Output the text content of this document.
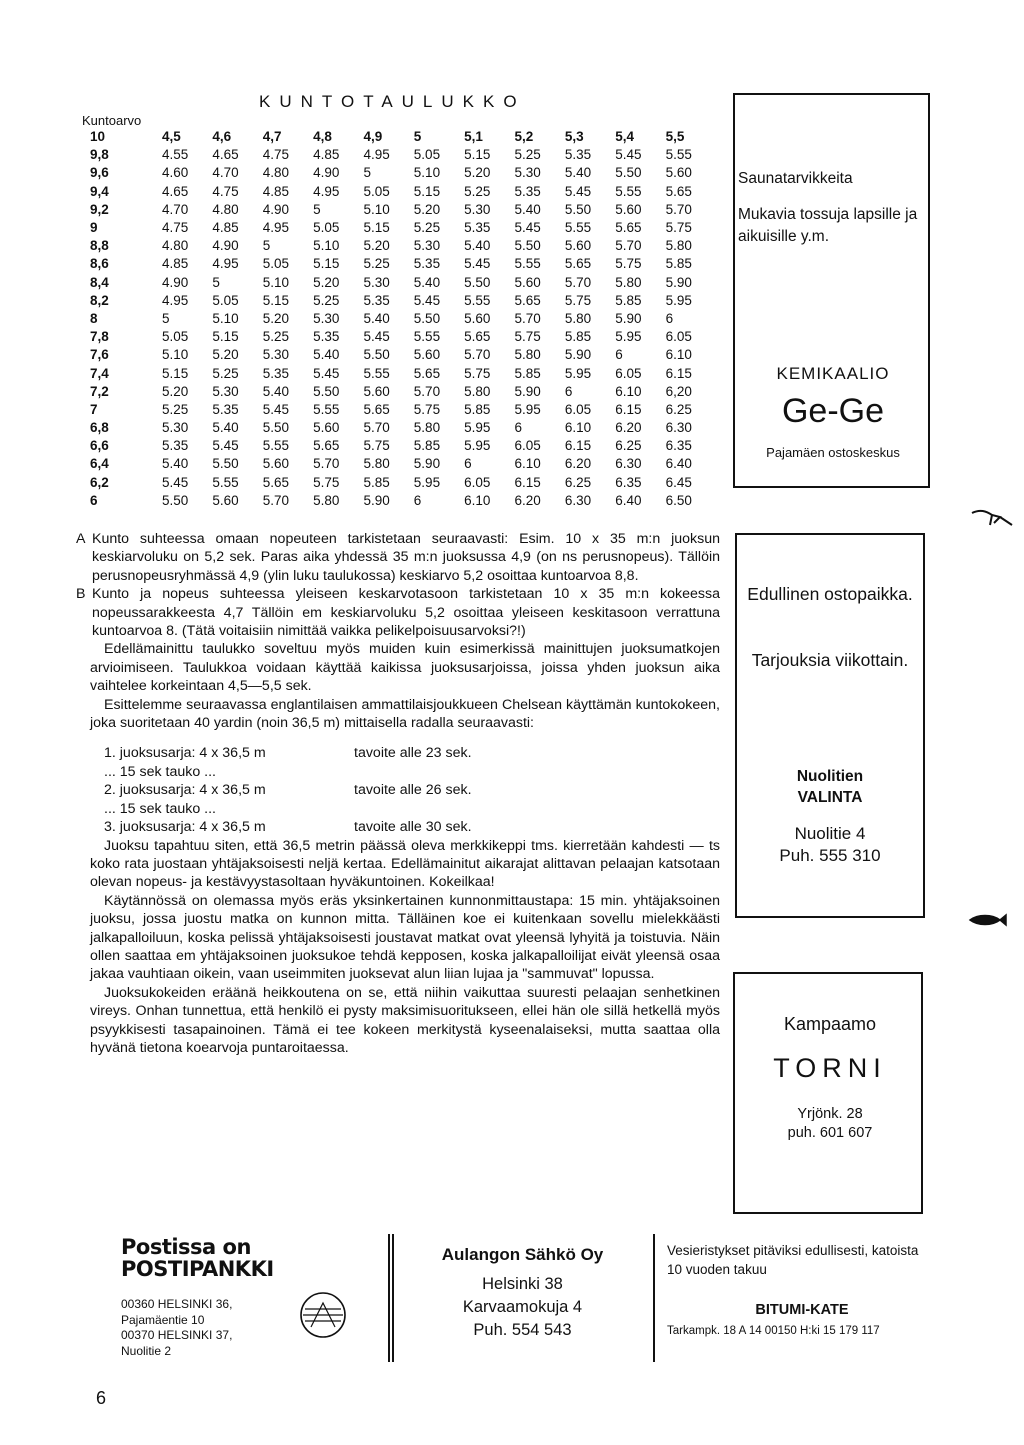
Kuntoarvo
KUNTOTAULUKKO
10	4,5	4,6	4,7	4,8	4,9	5	5,1	5,2	5,3	5,4	5,5
9,8	4.55	4.65	4.75	4.85	4.95	5.05	5.15	5.25	5.35	5.45	5.55
9,6	4.60	4.70	4.80	4.90	5	5.10	5.20	5.30	5.40	5.50	5.60
9,4	4.65	4.75	4.85	4.95	5.05	5.15	5.25	5.35	5.45	5.55	5.65
9,2	4.70	4.80	4.90	5	5.10	5.20	5.30	5.40	5.50	5.60	5.70
9	4.75	4.85	4.95	5.05	5.15	5.25	5.35	5.45	5.55	5.65	5.75
8,8	4.80	4.90	5	5.10	5.20	5.30	5.40	5.50	5.60	5.70	5.80
8,6	4.85	4.95	5.05	5.15	5.25	5.35	5.45	5.55	5.65	5.75	5.85
8,4	4.90	5	5.10	5.20	5.30	5.40	5.50	5.60	5.70	5.80	5.90
8,2	4.95	5.05	5.15	5.25	5.35	5.45	5.55	5.65	5.75	5.85	5.95
8	5	5.10	5.20	5.30	5.40	5.50	5.60	5.70	5.80	5.90	6
7,8	5.05	5.15	5.25	5.35	5.45	5.55	5.65	5.75	5.85	5.95	6.05
7,6	5.10	5.20	5.30	5.40	5.50	5.60	5.70	5.80	5.90	6	6.10
7,4	5.15	5.25	5.35	5.45	5.55	5.65	5.75	5.85	5.95	6.05	6.15
7,2	5.20	5.30	5.40	5.50	5.60	5.70	5.80	5.90	6	6.10	6,20
7	5.25	5.35	5.45	5.55	5.65	5.75	5.85	5.95	6.05	6.15	6.25
6,8	5.30	5.40	5.50	5.60	5.70	5.80	5.95	6	6.10	6.20	6.30
6,6	5.35	5.45	5.55	5.65	5.75	5.85	5.95	6.05	6.15	6.25	6.35
6,4	5.40	5.50	5.60	5.70	5.80	5.90	6	6.10	6.20	6.30	6.40
6,2	5.45	5.55	5.65	5.75	5.85	5.95	6.05	6.15	6.25	6.35	6.45
6	5.50	5.60	5.70	5.80	5.90	6	6.10	6.20	6.30	6.40	6.50

A Kunto suhteessa omaan nopeuteen tarkistetaan seuraavasti: Esim. 10 x 35 m:n juoksun keskiarvoluku on 5,2 sek. Paras aika yhdessä 35 m:n juoksussa 4,9 (on ns perusnopeus). Tällöin perusnopeusryhmässä 4,9 (ylin luku taulukossa) keskiarvo 5,2 osoittaa kuntoarvoa 8,8.

B Kunto ja nopeus suhteessa yleiseen keskarvotasoon tarkistetaan 10 x 35 m:n kokeessa nopeussarakkeesta 4,7 Tällöin em keskiarvoluku 5,2 osoittaa yleiseen keskitasoon verrattuna kuntoarvoa 8. (Tätä voitaisiin nimittää vaikka pelikelpoisuusarvoksi?!)

Edellämainittu taulukko soveltuu myös muiden kuin esimerkissä mainittujen juoksumatkojen arvioimiseen. Taulukkoa voidaan käyttää kaikissa juoksusarjoissa, joissa yhden juoksun aika vaihtelee korkeintaan 4,5—5,5 sek.

Esittelemme seuraavassa englantilaisen ammattilaisjoukkueen Chelsean käyttämän kuntokokeen, joka suoritetaan 40 yardin (noin 36,5 m) mittaisella radalla seuraavasti:

1. juoksusarja: 4 x 36,5 m	tavoite alle 23 sek.
... 15 sek tauko ...
2. juoksusarja: 4 x 36,5 m	tavoite alle 26 sek.
... 15 sek tauko ...
3. juoksusarja: 4 x 36,5 m	tavoite alle 30 sek.

Juoksu tapahtuu siten, että 36,5 metrin päässä oleva merkkikeppi tms. kierretään kahdesti — ts koko rata juostaan yhtäjaksoisesti neljä kertaa. Edellämainitut aikarajat alittavan pelaajan katsotaan olevan nopeus- ja kestävyystasoltaan hyväkuntoinen. Kokeilkaa!

Käytännössä on olemassa myös eräs yksinkertainen kunnonmittaustapa: 15 min. yhtäjaksoinen juoksu, jossa juostu matka on kunnon mitta. Tälläinen koe ei kuitenkaan sovellu mielekkäästi jalkapalloiluun, koska pelissä yhtäjaksoisesti joustavat matkat ovat yleensä lyhyitä ja toistuvia. Näin ollen saattaa em yhtäjaksoinen juoksukoe tehdä kepposen, koska jalkapalloilijat eivät yleensä osaa jakaa vauhtiaan oikein, vaan useimmiten juoksevat alun liian lujaa ja "sammuvat" lopussa.

Juoksukokeiden eräänä heikkoutena on se, että niihin vaikuttaa suuresti pelaajan senhetkinen vireys. Onhan tunnettua, että henkilö ei pysty maksimisuoritukseen, ellei hän ole sillä hetkellä myös psyykkisesti tasapainoinen. Tämä ei tee kokeen merkitystä kyseenalaiseksi, mutta saattaa olla hyvänä tietona koearvoja puntaroitaessa.

Saunatarvikkeita
Mukavia tossuja lapsille ja aikuisille y.m.
KEMIKAALIO
Ge-Ge
Pajamäen ostoskeskus
Edullinen ostopaikka.
Tarjouksia viikottain.
Nuolitien
VALINTA
Nuolitie 4
Puh. 555 310
Kampaamo
TORNI
Yrjönk. 28
puh. 601 607
Postissa on
POSTIPANKKI
00360 HELSINKI 36,
Pajamäentie 10
00370 HELSINKI 37,
Nuolitie 2
Aulangon Sähkö Oy
Helsinki 38
Karvaamokuja 4
Puh. 554 543
Vesieristykset pitäviksi edullisesti, katoista 10 vuoden takuu
BITUMI-KATE
Tarkampk. 18 A 14 00150 H:ki 15 179 117
6
